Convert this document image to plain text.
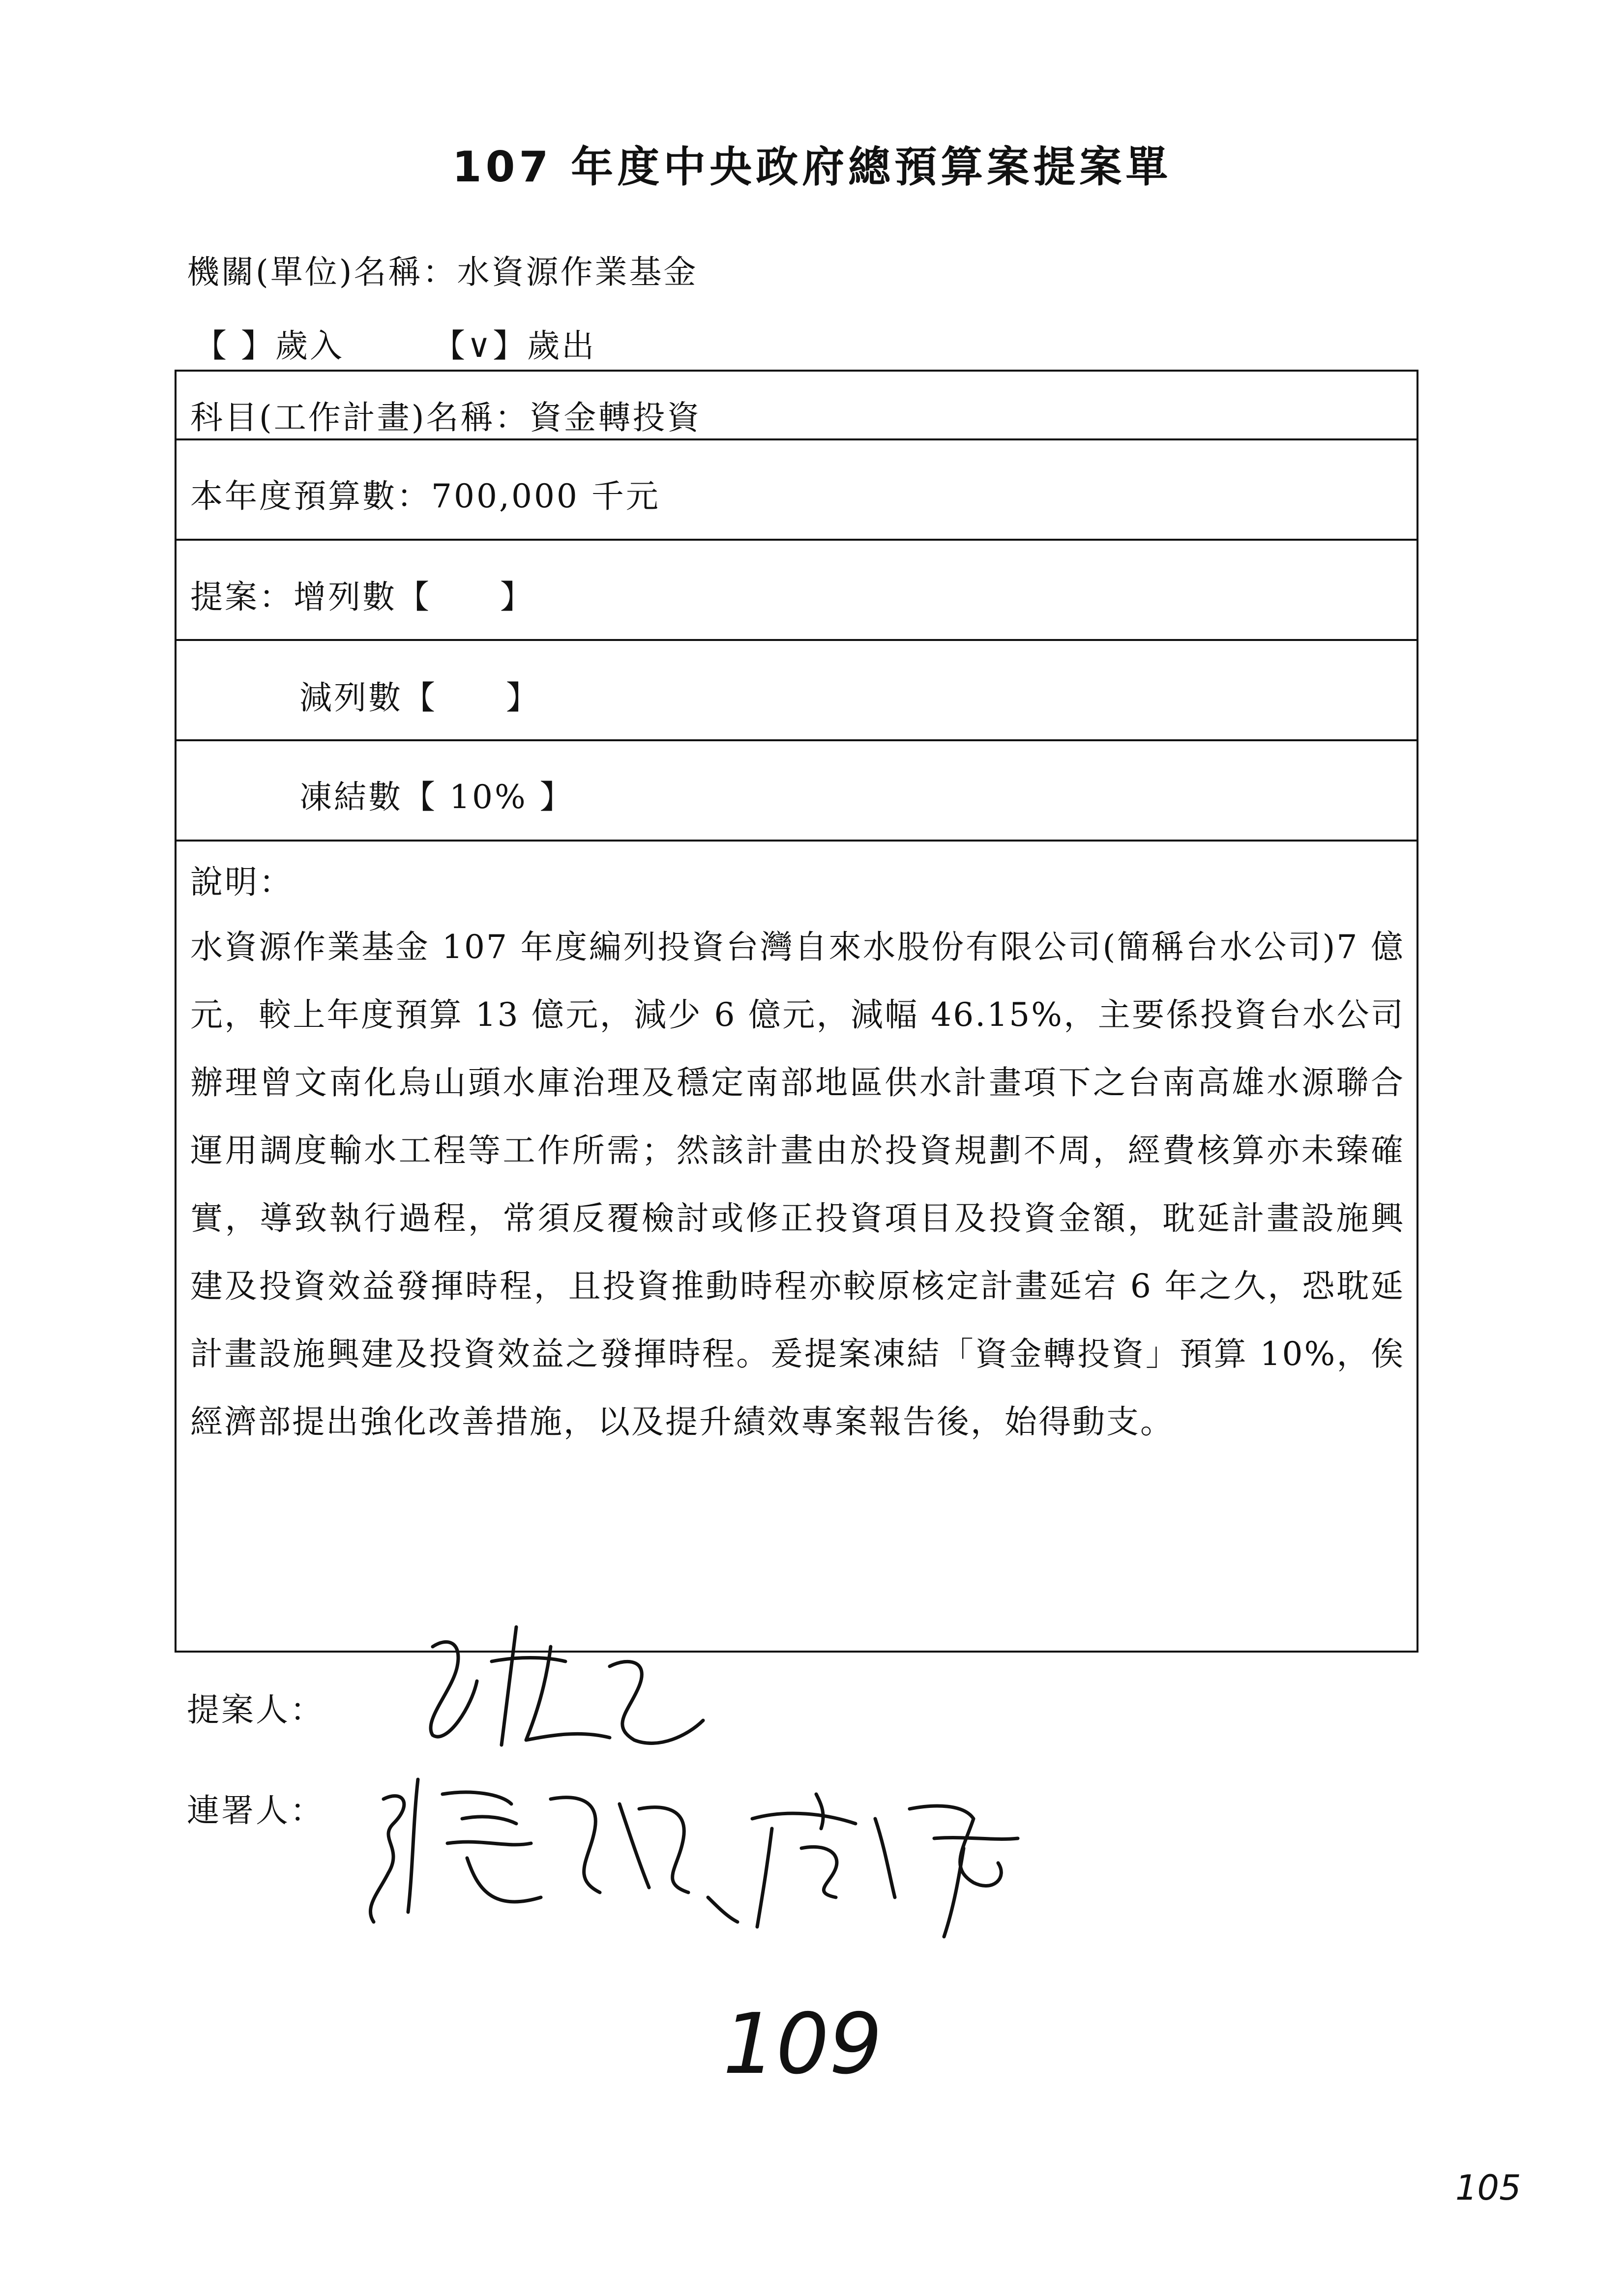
107 年度中央政府總預算案提案單
機關(單位)名稱：水資源作業基金
【 】歲入	【∨】歲出
科目(工作計畫)名稱：資金轉投資
本年度預算數：700,000 千元
提案：增列數【　　】
減列數【　　】
凍結數【 10% 】
說明：
水資源作業基金 107 年度編列投資台灣自來水股份有限公司(簡稱台水公司)7 億元，較上年度預算 13 億元，減少 6 億元，減幅 46.15%，主要係投資台水公司辦理曾文南化烏山頭水庫治理及穩定南部地區供水計畫項下之台南高雄水源聯合運用調度輸水工程等工作所需；然該計畫由於投資規劃不周，經費核算亦未臻確實，導致執行過程，常須反覆檢討或修正投資項目及投資金額，耽延計畫設施興建及投資效益發揮時程，且投資推動時程亦較原核定計畫延宕 6 年之久，恐耽延計畫設施興建及投資效益之發揮時程。爰提案凍結「資金轉投資」預算 10%，俟經濟部提出強化改善措施，以及提升績效專案報告後，始得動支。
提案人：
連署人：
109
105
